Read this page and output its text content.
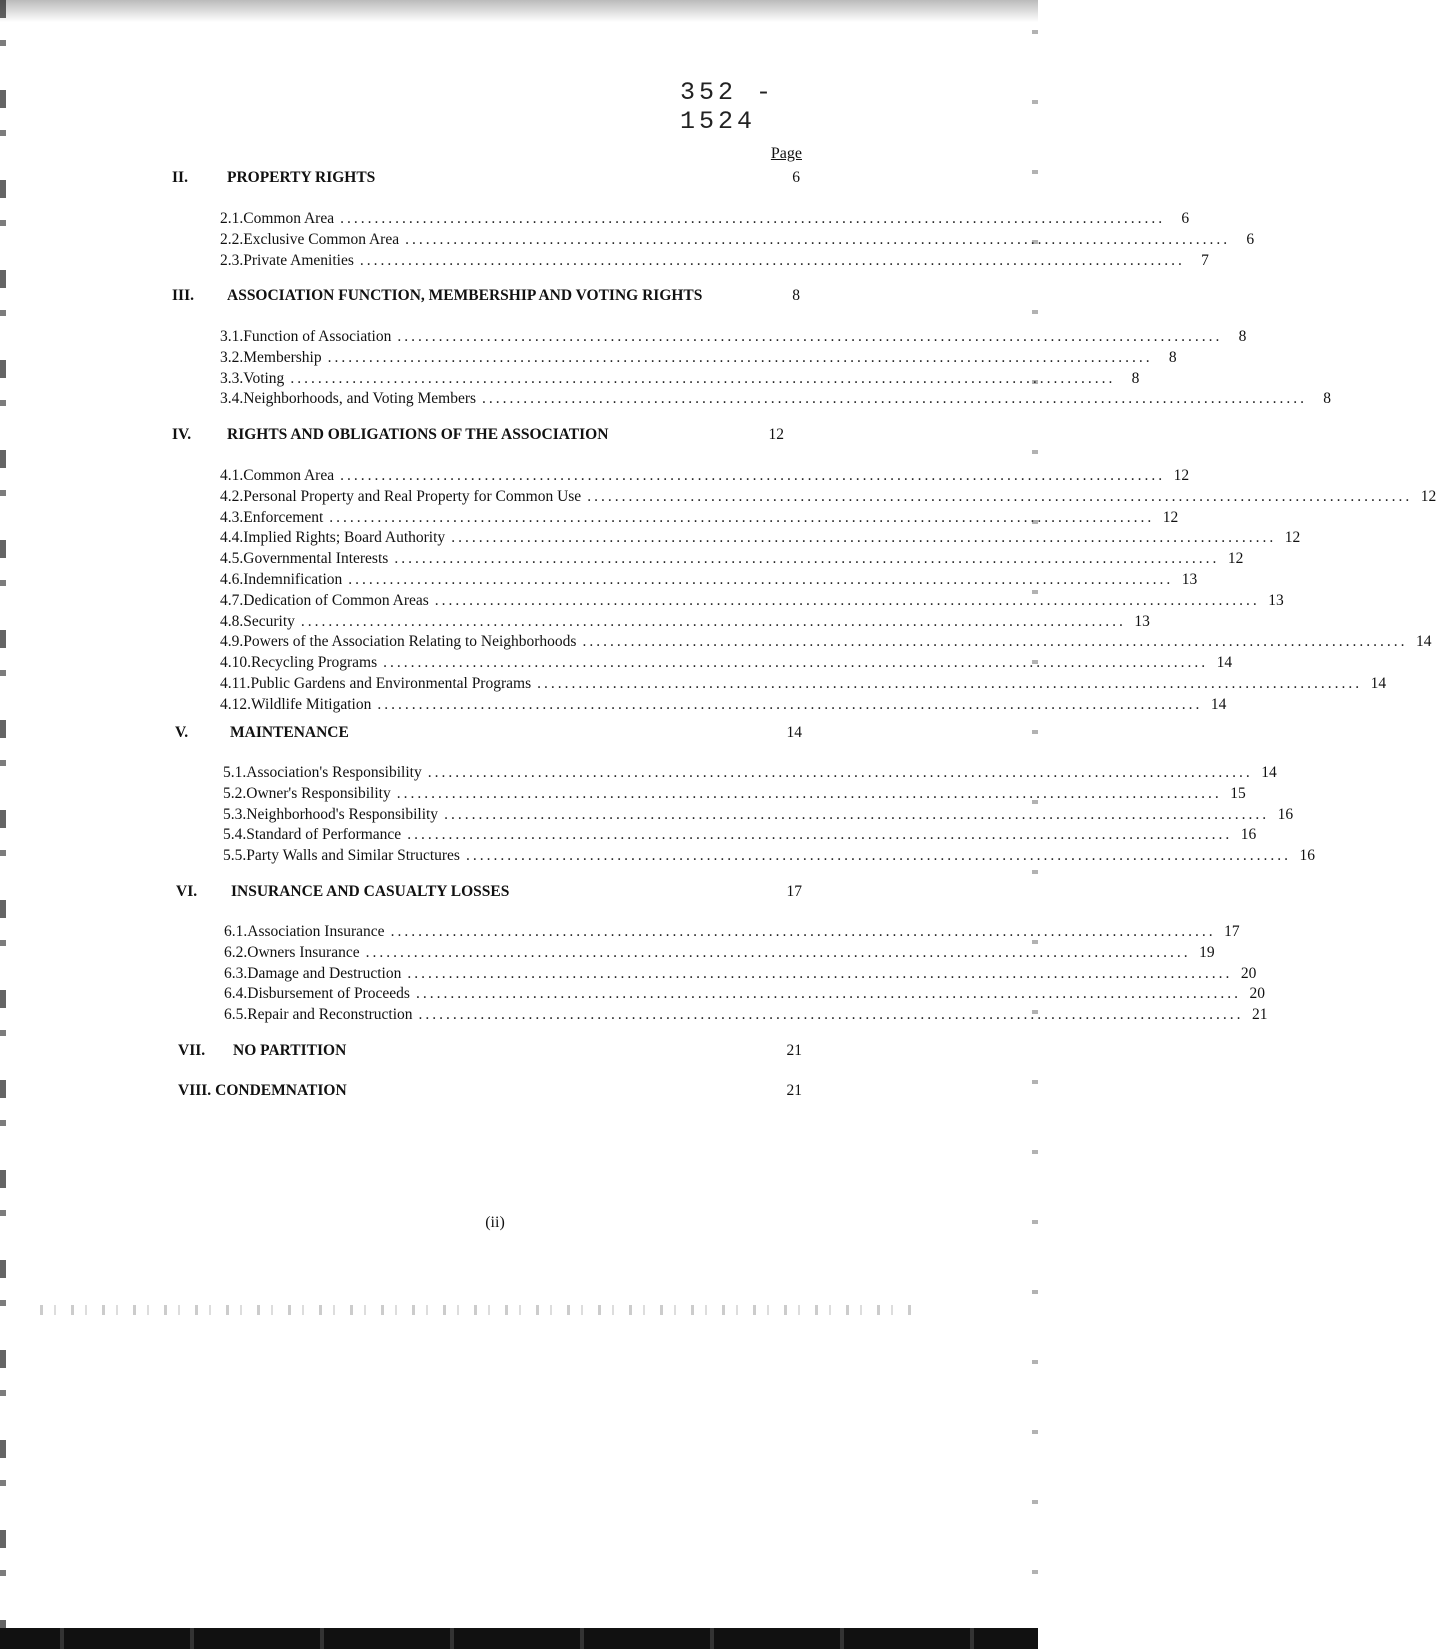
352 - 1524
Page
II.	PROPERTY RIGHTS	6
2.1. Common Area ........................................................................................................................	6
2.2. Exclusive Common Area ........................................................................................................................	6
2.3. Private Amenities ........................................................................................................................	7
III.	ASSOCIATION FUNCTION, MEMBERSHIP AND VOTING RIGHTS	8
3.1. Function of Association ........................................................................................................................	8
3.2. Membership ........................................................................................................................	8
3.3. Voting ........................................................................................................................	8
3.4. Neighborhoods, and Voting Members ........................................................................................................................	8
IV.	RIGHTS AND OBLIGATIONS OF THE ASSOCIATION	12
4.1. Common Area ........................................................................................................................ 12
4.2. Personal Property and Real Property for Common Use ........................................................................................................................ 12
4.3. Enforcement ........................................................................................................................ 12
4.4. Implied Rights; Board Authority ........................................................................................................................ 12
4.5. Governmental Interests ........................................................................................................................ 12
4.6. Indemnification ........................................................................................................................ 13
4.7. Dedication of Common Areas ........................................................................................................................ 13
4.8. Security ........................................................................................................................ 13
4.9. Powers of the Association Relating to Neighborhoods ........................................................................................................................ 14
4.10. Recycling Programs ........................................................................................................................ 14
4.11. Public Gardens and Environmental Programs ........................................................................................................................ 14
4.12. Wildlife Mitigation ........................................................................................................................ 14
V.	MAINTENANCE	14
5.1. Association's Responsibility ........................................................................................................................ 14
5.2. Owner's Responsibility ........................................................................................................................ 15
5.3. Neighborhood's Responsibility ........................................................................................................................ 16
5.4. Standard of Performance ........................................................................................................................ 16
5.5. Party Walls and Similar Structures ........................................................................................................................ 16
VI.	INSURANCE AND CASUALTY LOSSES	17
6.1. Association Insurance ........................................................................................................................ 17
6.2. Owners Insurance ........................................................................................................................ 19
6.3. Damage and Destruction ........................................................................................................................ 20
6.4. Disbursement of Proceeds ........................................................................................................................ 20
6.5. Repair and Reconstruction ........................................................................................................................ 21
VII.	NO PARTITION	21
VIII. CONDEMNATION	21
(ii)
